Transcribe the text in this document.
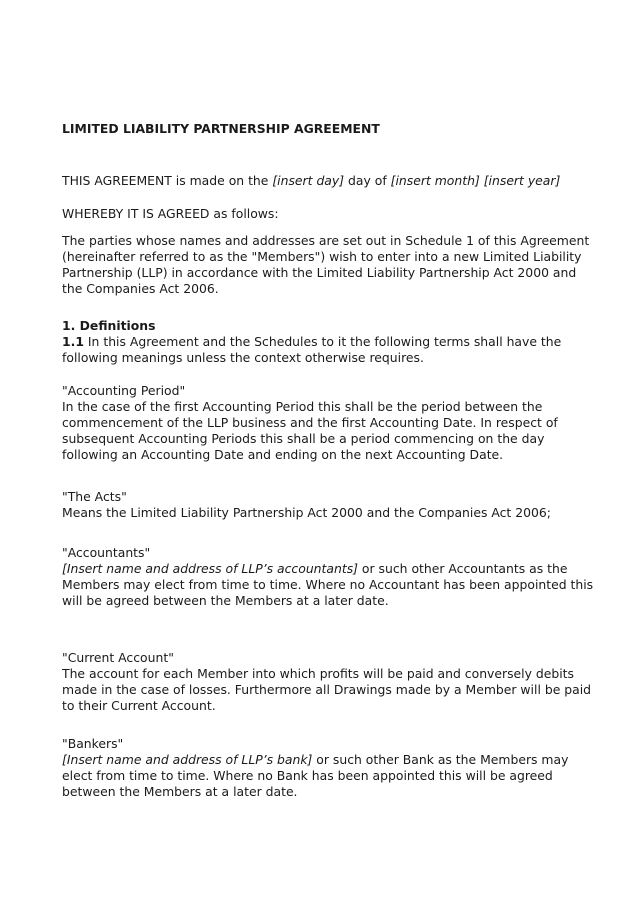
LIMITED LIABILITY PARTNERSHIP AGREEMENT

THIS AGREEMENT is made on the [insert day] day of [insert month] [insert year]

WHEREBY IT IS AGREED as follows:

The parties whose names and addresses are set out in Schedule 1 of this Agreement
(hereinafter referred to as the "Members") wish to enter into a new Limited Liability
Partnership (LLP) in accordance with the Limited Liability Partnership Act 2000 and
the Companies Act 2006.

1. Definitions
1.1 In this Agreement and the Schedules to it the following terms shall have the
following meanings unless the context otherwise requires.

"Accounting Period"
In the case of the first Accounting Period this shall be the period between the
commencement of the LLP business and the first Accounting Date. In respect of
subsequent Accounting Periods this shall be a period commencing on the day
following an Accounting Date and ending on the next Accounting Date.

"The Acts"
Means the Limited Liability Partnership Act 2000 and the Companies Act 2006;

"Accountants"
[Insert name and address of LLP’s accountants] or such other Accountants as the
Members may elect from time to time. Where no Accountant has been appointed this
will be agreed between the Members at a later date.

"Current Account"
The account for each Member into which profits will be paid and conversely debits
made in the case of losses. Furthermore all Drawings made by a Member will be paid
to their Current Account.

"Bankers"
[Insert name and address of LLP’s bank] or such other Bank as the Members may
elect from time to time. Where no Bank has been appointed this will be agreed
between the Members at a later date.
